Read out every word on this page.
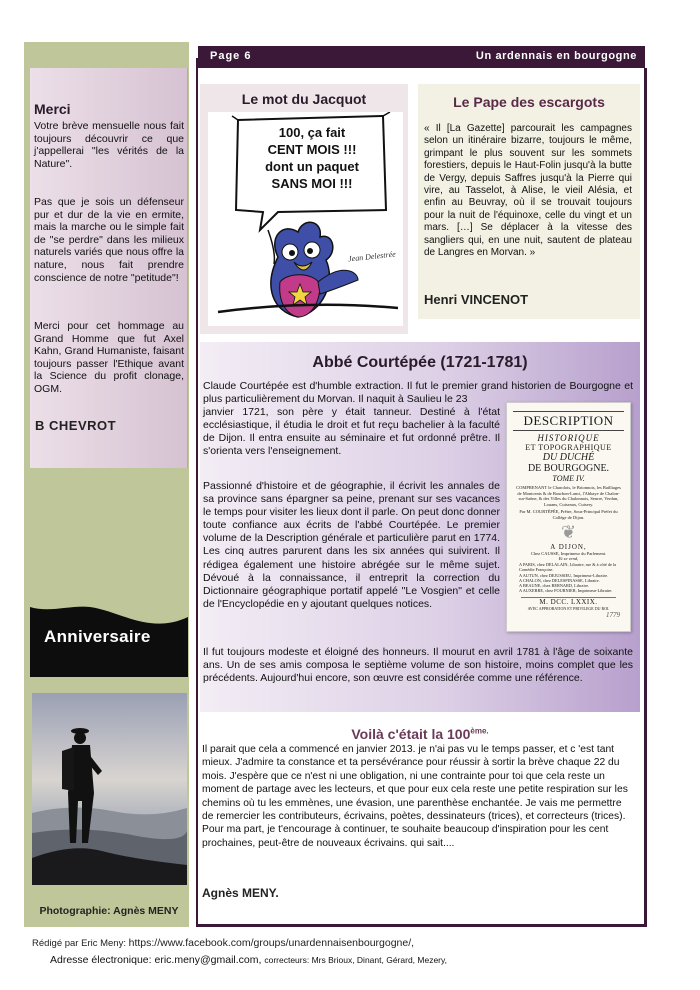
Merci
Votre brève mensuelle nous fait toujours découvrir ce que j'appellerai "les vérités de la Nature".
Pas que je sois un défenseur pur et dur de la vie en ermite, mais la marche ou le simple fait de "se perdre" dans les milieux naturels variés que nous offre la nature, nous fait prendre conscience de notre "petitude"!
Merci pour cet hommage au Grand Homme que fut Axel Kahn, Grand Humaniste, faisant toujours passer l'Ethique avant la Science du profit clonage, OGM.
B CHEVROT
Anniversaire
Photographie: Agnès MENY
Page 6	Un ardennais en bourgogne
Le mot du Jacquot
100, ça fait
CENT MOIS !!!
dont un paquet
SANS MOI !!!
Jean Delestrée
Le Pape des escargots
« Il [La Gazette] parcourait les campagnes selon un itinéraire bizarre, toujours le même, grimpant le plus souvent sur les sommets forestiers, depuis le Haut-Folin jusqu'à la butte de Vergy, depuis Saffres jusqu'à la Pierre qui vire, au Tasselot, à Alise, le vieil Alésia, et enfin au Beuvray, où il se trouvait toujours pour la nuit de l'équinoxe, celle du vingt et un mars. […] Se déplacer à la vitesse des sangliers qui, en une nuit, sautent de plateau de Langres en Morvan. »
Henri VINCENOT
Abbé Courtépée (1721-1781)
Claude Courtépée est d'humble extraction. Il fut le premier grand historien de Bourgogne et plus particulièrement du Morvan. Il naquit à Saulieu le 23
janvier 1721, son père y était tanneur. Destiné à l'état ecclésiastique, il étudia le droit et fut reçu bachelier à la faculté de Dijon. Il entra ensuite au séminaire et fut ordonné prêtre. Il s'orienta vers l'enseignement.
Passionné d'histoire et de géographie, il écrivit les annales de sa province sans épargner sa peine, prenant sur ses vacances le temps pour visiter les lieux dont il parle. On peut donc donner toute confiance aux écrits de l'abbé Courtépée. Le premier volume de la Description générale et particulière parut en 1774. Les cinq autres parurent dans les six années qui suivirent. Il rédigea également une histoire abrégée sur le même sujet. Dévoué à la connaissance, il entreprit la correction du Dictionnaire géographique portatif appelé "Le Vosgien" et celle de l'Encyclopédie en y ajoutant quelques notices.
Il fut toujours modeste et éloigné des honneurs. Il mourut en avril 1781 à l'âge de soixante ans. Un de ses amis composa le septième volume de son histoire, moins complet que les précédents. Aujourd'hui encore, son œuvre est considérée comme une référence.
DESCRIPTION
HISTORIQUE
ET TOPOGRAPHIQUE
DU DUCHÉ
DE BOURGOGNE.
TOME IV.
COMPRENANT le Charolois, le Brionnois, les Bailliages de Montcenis & de Bourbon-Lanci, l'Abbaye de Chalon-sur-Saône, & des Villes du Chalonnois, Seurre, Verdun, Louans, Cuiseaux, Cuisery.
Par M. COURTÉPÉE, Prêtre, Sous-Principal Préfet du Collège de Dijon.
❦
A DIJON,
Chez CAUSSE, Imprimeur du Parlement.
Et se vend,
A PARIS, chez DELALAIN, Libraire, rue & à côté de la Comédie Françoise.
A AUTUN, chez DEJUSSIEU, Imprimeur-Libraire.
A CHALON, chez DELESPINASSE, Libraire.
A BEAUNE, chez BERNARD, Libraire.
A AUXERRE, chez FOURNIER, Imprimeur-Libraire.
M. DCC. LXXIX.
AVEC APPROBATION ET PRIVILEGE DU ROI.
1779
Voilà c'était la $100^{ème.}$
Il parait que cela a commencé en janvier 2013. je n'ai pas vu le temps passer, et c 'est tant mieux. J'admire ta constance et ta persévérance pour réussir à sortir la brève chaque 22 du mois. J'espère que ce n'est ni une obligation, ni une contrainte pour toi que cela reste un moment de partage avec les lecteurs, et que pour eux cela reste une petite respiration sur les chemins où tu les emmènes, une évasion, une parenthèse enchantée. Je vais me permettre de remercier les contributeurs, écrivains, poètes, dessinateurs (trices), et correcteurs (trices).
Pour ma part, je t'encourage à continuer, te souhaite beaucoup d'inspiration pour les cent prochaines, peut-être de nouveaux écrivains. qui sait....
Agnès MENY.
Rédigé par Eric Meny: https://www.facebook.com/groups/unardennaisenbourgogne/,
Adresse électronique: eric.meny@gmail.com, correcteurs: Mrs Brioux, Dinant, Gérard, Mezery,
